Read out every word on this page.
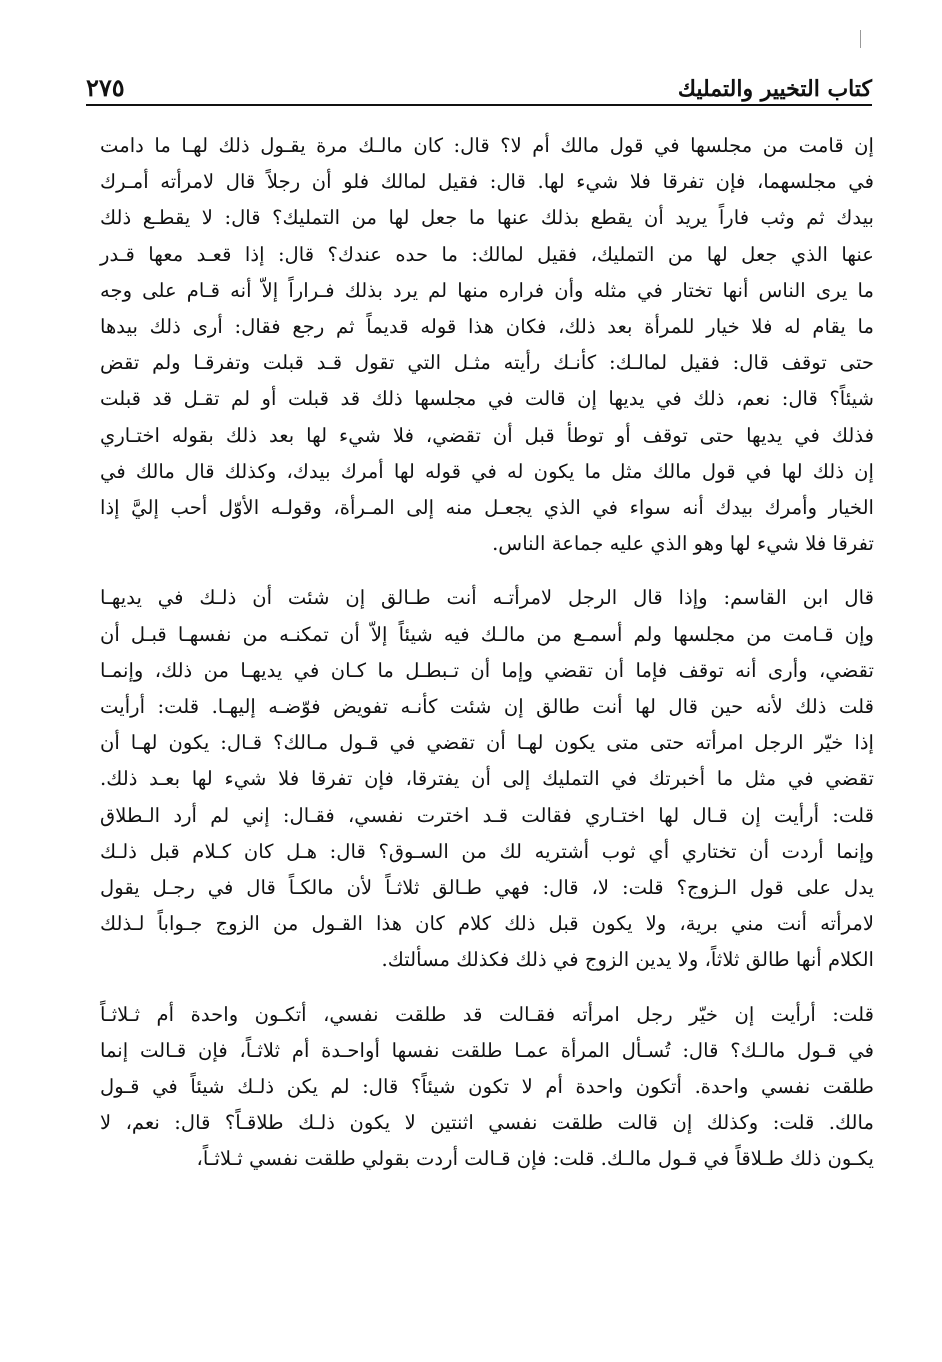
كتاب التخيير والتمليك
٢٧٥
إن قامت من مجلسها في قول مالك أم لا؟ قال: كان مالـك مرة يقـول ذلك لهـا ما دامت
في مجلسهما، فإن تفرقا فلا شيء لها. قال: فقيل لمالك فلو أن رجلاً قال لامرأته أمـرك
بيدك ثم وثب فاراً يريد أن يقطع بذلك عنها ما جعل لها من التمليك؟ قال: لا يقطـع ذلك
عنها الذي جعل لها من التمليك، فقيل لمالك: ما حده عندك؟ قال: إذا قعـد معها قـدر
ما يرى الناس أنها تختار في مثله وأن فراره منها لم يرد بذلك فـراراً إلاّ أنه قـام على وجه
ما يقام له فلا خيار للمرأة بعد ذلك، فكان هذا قوله قديماً ثم رجع فقال: أرى ذلك بيدها
حتى توقف قال: فقيل لمالـك: كأنـك رأيته مثـل التي تقول قـد قبلت وتفرقـا ولم تقض
شيئاً؟ قال: نعم، ذلك في يديها إن قالت في مجلسها ذلك قد قبلت أو لم تقـل قد قبلت
فذلك في يديها حتى توقف أو توطأ قبل أن تقضي، فلا شيء لها بعد ذلك بقوله اختـاري
إن ذلك لها في قول مالك مثل ما يكون له في قوله لها أمرك بيدك، وكذلك قال مالك في
الخيار وأمرك بيدك أنه سواء في الذي يجعـل منه إلى المـرأة، وقولـه الأوّل أحب إليَّ إذا
تفرقا فلا شيء لها وهو الذي عليه جماعة الناس.
قال ابن القاسم: وإذا قال الرجل لامرأتـه أنت طـالق إن شئت أن ذلـك في يديهـا
وإن قـامت من مجلسها ولم أسمـع من مالـك فيه شيئاً إلاّ أن تمكنـه من نفسهـا قبـل أن
تقضي، وأرى أنه توقف فإما أن تقضي وإما أن تـبطـل ما كـان في يديهـا من ذلك، وإنمـا
قلت ذلك لأنه حين قال لها أنت طالق إن شئت كأنـه تفويض فوّضـه إليهـا. قلت: أرأيت
إذا خيّر الرجل امرأته حتى متى يكون لهـا أن تقضي في قـول مـالك؟ قـال: يكون لهـا أن
تقضي في مثل ما أخبرتك في التمليك إلى أن يفترقا، فإن تفرقا فلا شيء لها بعـد ذلك.
قلت: أرأيت إن قـال لها اختـاري فقالت قـد اخترت نفسي، فقـال: إني لم أرد الـطلاق
وإنما أردت أن تختاري أي ثوب أشتريه لك من السـوق؟ قال: هـل كان كـلام قبل ذلـك
يدل على قول الـزوج؟ قلت: لا، قال: فهي طـالق ثلاثـاً لأن مالكـاً قال في رجـل يقول
لامرأته أنت مني برية، ولا يكون قبل ذلك كلام كان هذا القـول من الزوج جـواباً لـذلك
الكلام أنها طالق ثلاثاً، ولا يدين الزوج في ذلك فكذلك مسألتك.
قلت: أرأيت إن خيّر رجل امرأته فقـالت قد طلقت نفسي، أتكـون واحدة أم ثـلاثـاً
في قـول مالـك؟ قال: تُسـأل المرأة عمـا طلقت نفسها أواحـدة أم ثلاثـاً، فإن قـالت إنما
طلقت نفسي واحدة. أتكون واحدة أم لا تكون شيئاً؟ قال: لم يكن ذلـك شيئاً في قـول
مالك. قلت: وكذلك إن قالت طلقت نفسي اثنتين لا يكون ذلـك طلاقـاً؟ قال: نعم، لا
يكـون ذلك طـلاقاً في قـول مالـك. قلت: فإن قـالت أردت بقولي طلقت نفسي ثـلاثـاً،
